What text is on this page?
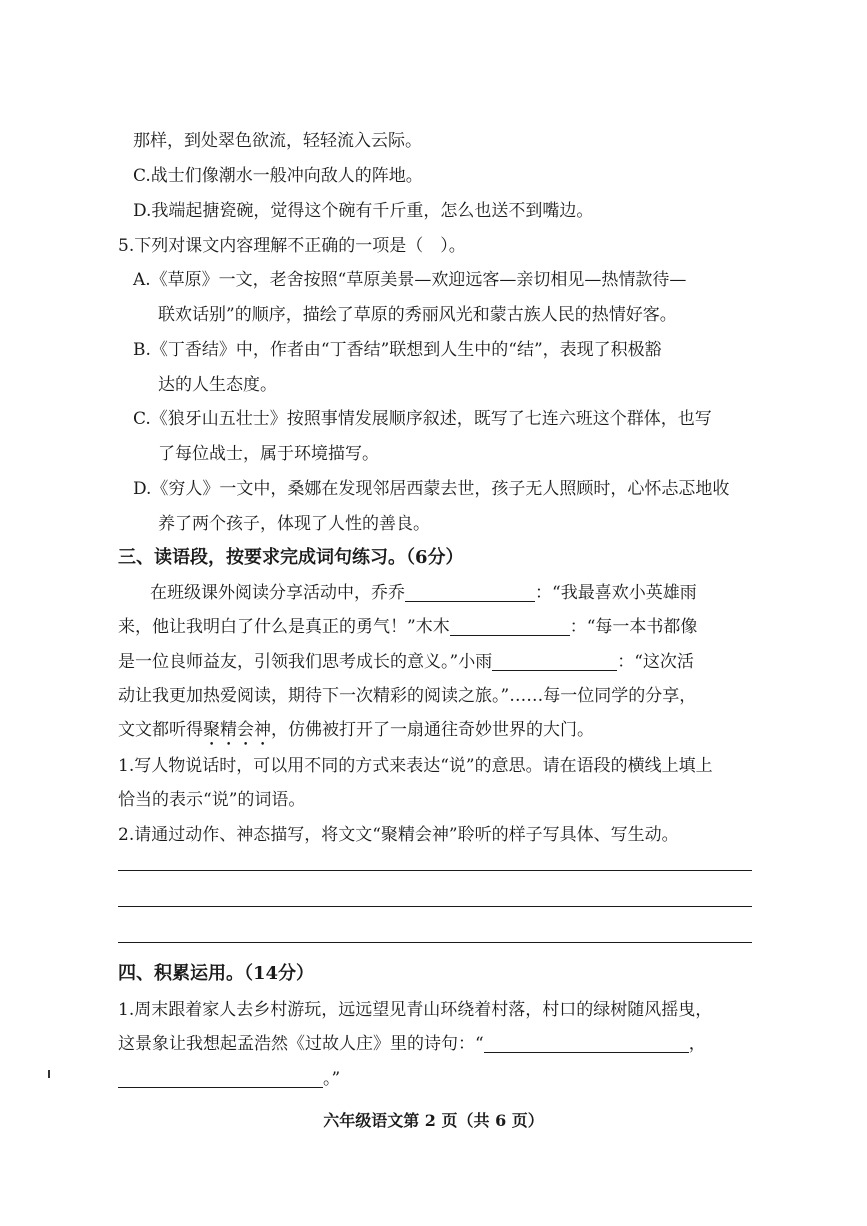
那样，到处翠色欲流，轻轻流入云际。
C.战士们像潮水一般冲向敌人的阵地。
D.我端起搪瓷碗，觉得这个碗有千斤重，怎么也送不到嘴边。
5.下列对课文内容理解不正确的一项是（　）。
A.《草原》一文，老舍按照“草原美景—欢迎远客—亲切相见—热情款待—
联欢话别”的顺序，描绘了草原的秀丽风光和蒙古族人民的热情好客。
B.《丁香结》中，作者由“丁香结”联想到人生中的“结”，表现了积极豁
达的人生态度。
C.《狼牙山五壮士》按照事情发展顺序叙述，既写了七连六班这个群体，也写
了每位战士，属于环境描写。
D.《穷人》一文中，桑娜在发现邻居西蒙去世，孩子无人照顾时，心怀忐忑地收
养了两个孩子，体现了人性的善良。
三、读语段，按要求完成词句练习。（6分）
在班级课外阅读分享活动中，乔乔	：“我最喜欢小英雄雨
来，他让我明白了什么是真正的勇气！”木木	：“每一本书都像
是一位良师益友，引领我们思考成长的意义。”小雨	：“这次活
动让我更加热爱阅读，期待下一次精彩的阅读之旅。”……每一位同学的分享，
文文都听得聚精会神，仿佛被打开了一扇通往奇妙世界的大门。
1.写人物说话时，可以用不同的方式来表达“说”的意思。请在语段的横线上填上
恰当的表示“说”的词语。
2.请通过动作、神态描写，将文文“聚精会神”聆听的样子写具体、写生动。
四、积累运用。（14分）
1.周末跟着家人去乡村游玩，远远望见青山环绕着村落，村口的绿树随风摇曳，
这景象让我想起孟浩然《过故人庄》里的诗句：“	，
。”
六年级语文第 2 页（共 6 页）
